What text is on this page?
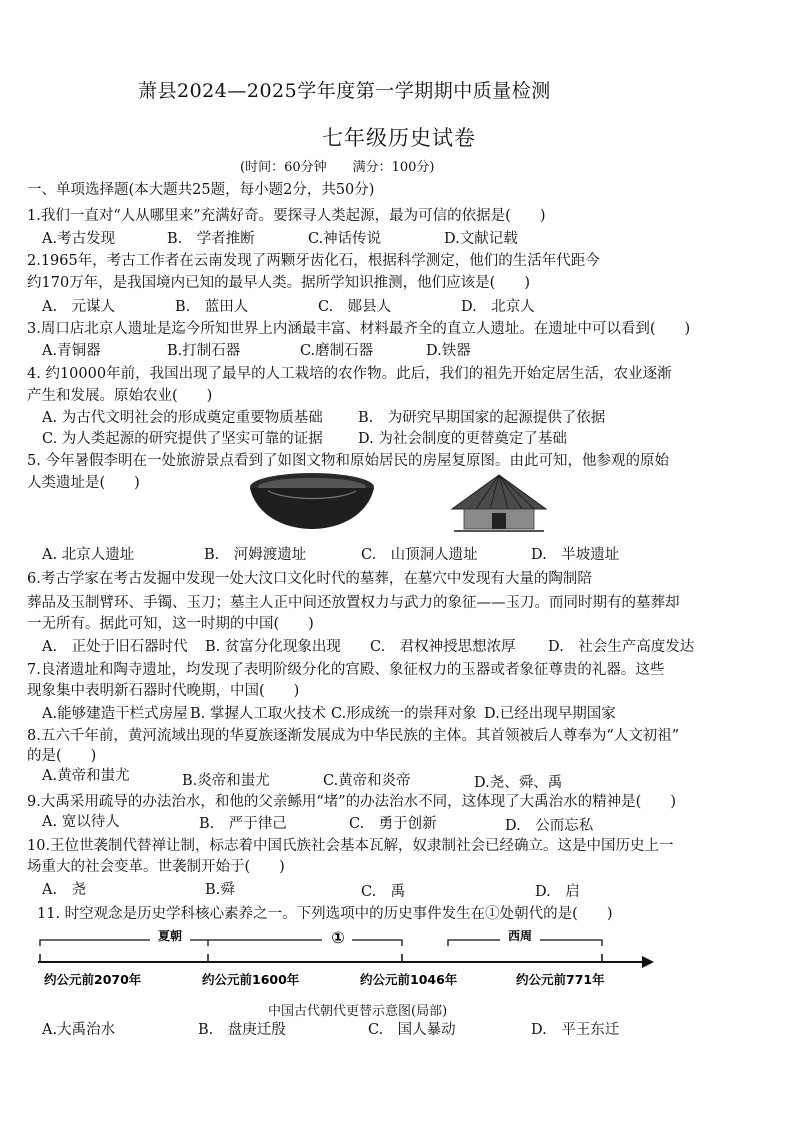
萧县2024—2025学年度第一学期期中质量检测
七年级历史试卷
(时间：60分钟　　满分：100分)
一、单项选择题(本大题共25题，每小题2分，共50分)
1.我们一直对“人从哪里来”充满好奇。要探寻人类起源，最为可信的依据是(　　)
A.考古发现	B.　学者推断	C.神话传说	D.文献记载
2.1965年，考古工作者在云南发现了两颗牙齿化石，根据科学测定，他们的生活年代距今
约170万年，是我国境内已知的最早人类。据所学知识推测，他们应该是(　　)
A.　元谋人	B.　蓝田人	C.　郧县人	D.　北京人
3.周口店北京人遗址是迄今所知世界上内涵最丰富、材料最齐全的直立人遗址。在遗址中可以看到(　　)
A.青铜器	B.打制石器	C.磨制石器	D.铁器
4. 约10000年前，我国出现了最早的人工栽培的农作物。此后，我们的祖先开始定居生活，农业逐渐
产生和发展。原始农业(　　)
A. 为古代文明社会的形成奠定重要物质基础 B.　为研究早期国家的起源提供了依据
C. 为人类起源的研究提供了坚实可靠的证据 D. 为社会制度的更替奠定了基础
5. 今年暑假李明在一处旅游景点看到了如图文物和原始居民的房屋复原图。由此可知，他参观的原始
人类遗址是(　　)
A. 北京人遗址	B.　河姆渡遗址	C.　山顶洞人遗址	D.　半坡遗址
6.考古学家在考古发掘中发现一处大汶口文化时代的墓葬，在墓穴中发现有大量的陶制陪
葬品及玉制臂环、手镯、玉刀；墓主人正中间还放置权力与武力的象征——玉刀。而同时期有的墓葬却
一无所有。据此可知，这一时期的中国(　　)
A.　正处于旧石器时代 B. 贫富分化现象出现 C.　君权神授思想浓厚 D.　社会生产高度发达
7.良渚遗址和陶寺遗址，均发现了表明阶级分化的宫殿、象征权力的玉器或者象征尊贵的礼器。这些
现象集中表明新石器时代晚期，中国(　　)
A.能够建造干栏式房屋 B. 掌握人工取火技术 C.形成统一的崇拜对象 D.已经出现早期国家
8.五六千年前，黄河流域出现的华夏族逐渐发展成为中华民族的主体。其首领被后人尊奉为“人文初祖”
的是(　　)
A.黄帝和蚩尤	B.炎帝和蚩尤	C.黄帝和炎帝	D.尧、舜、禹
9.大禹采用疏导的办法治水，和他的父亲鲧用“堵”的办法治水不同，这体现了大禹治水的精神是(　　)
A. 宽以待人	B.　严于律己	C.　勇于创新	D.　公而忘私
10.王位世袭制代替禅让制，标志着中国氏族社会基本瓦解，奴隶制社会已经确立。这是中国历史上一
场重大的社会变革。世袭制开始于(　　)
A.　尧	B.舜	C.　禹	D.　启
11. 时空观念是历史学科核心素养之一。下列选项中的历史事件发生在①处朝代的是(　　)
夏朝	①	西周
约公元前2070年	约公元前1600年	约公元前1046年	约公元前771年
中国古代朝代更替示意图(局部)
A.大禹治水	B.　盘庚迁殷	C.　国人暴动	D.　平王东迁
